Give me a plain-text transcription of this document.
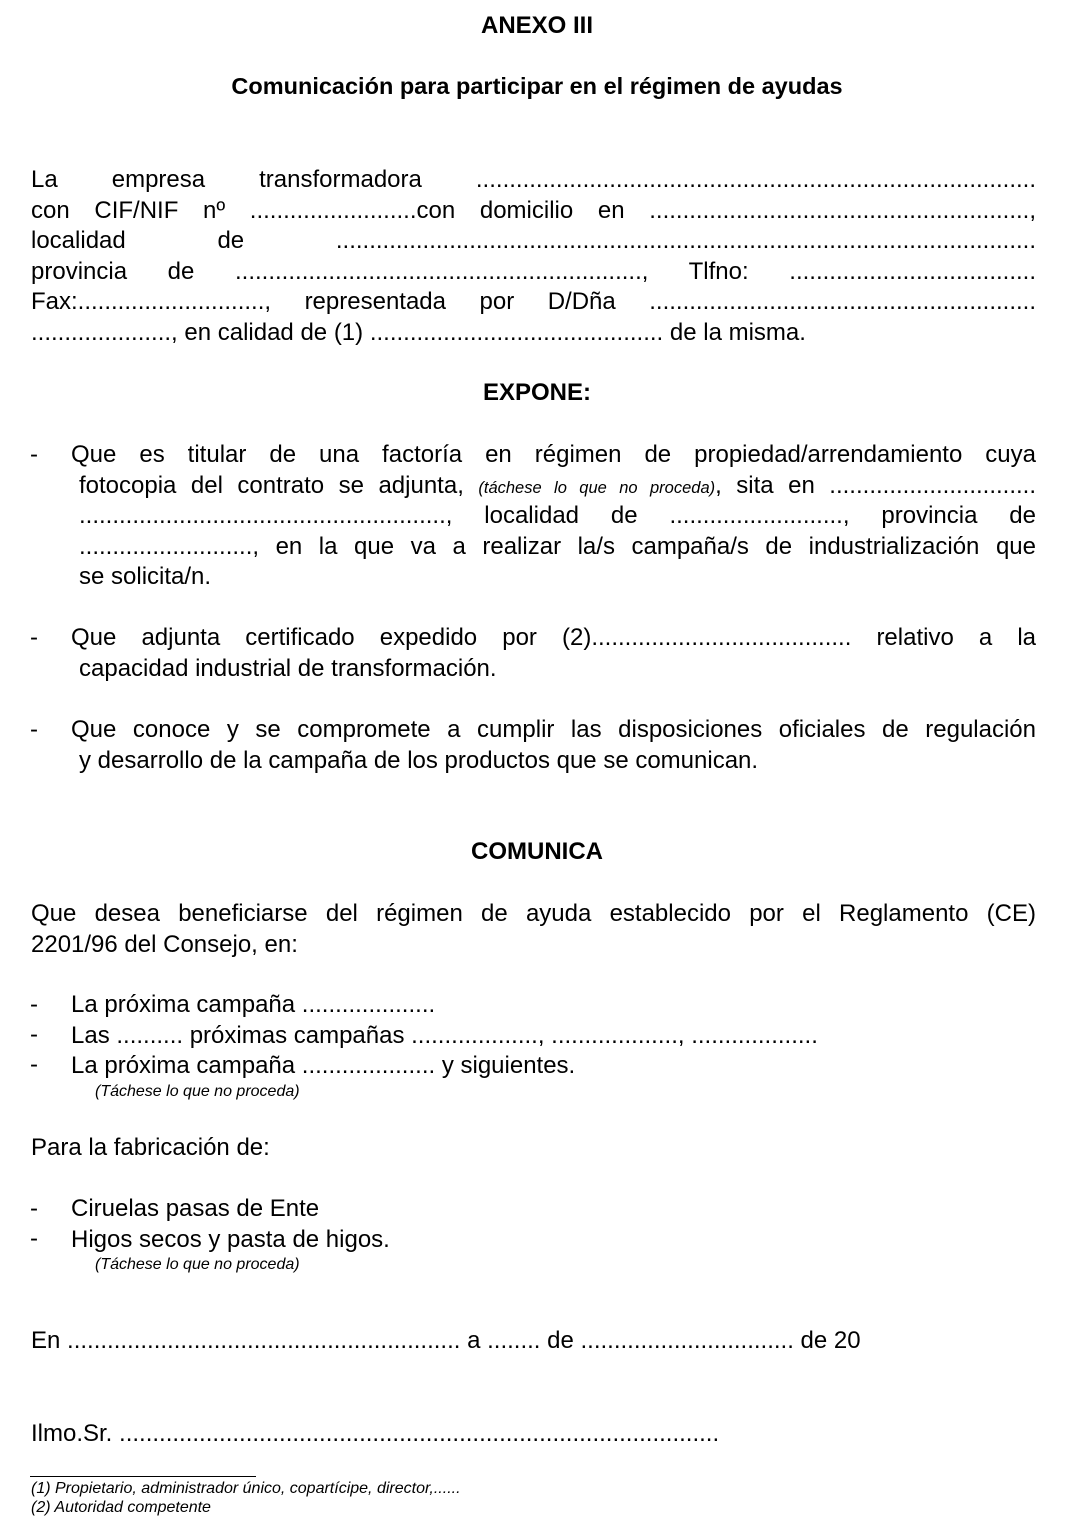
ANEXO III
Comunicación para participar en el régimen de ayudas
La empresa transformadora ....................................................................................
con CIF/NIF nº .........................con domicilio en .........................................................,
localidad de .........................................................................................................
provincia de ............................................................., Tlfno: .....................................
Fax:............................, representada por D/Dña ..........................................................
....................., en calidad de (1) ............................................ de la misma.
EXPONE:
- Que es titular de una factoría en régimen de propiedad/arrendamiento cuya
fotocopia del contrato se adjunta, (táchese lo que no proceda), sita en ...............................
......................................................., localidad de .........................., provincia de
.........................., en la que va a realizar la/s campaña/s de industrialización que
se solicita/n.
- Que adjunta certificado expedido por (2)....................................... relativo a la
capacidad industrial de transformación.
- Que conoce y se compromete a cumplir las disposiciones oficiales de regulación
y desarrollo de la campaña de los productos que se comunican.
COMUNICA
Que desea beneficiarse del régimen de ayuda establecido por el Reglamento (CE)
2201/96 del Consejo, en:
- La próxima campaña ....................
- Las .......... próximas campañas ..................., ..................., ...................
- La próxima campaña .................... y siguientes.
(Táchese lo que no proceda)
Para la fabricación de:
- Ciruelas pasas de Ente
- Higos secos y pasta de higos.
(Táchese lo que no proceda)
En ........................................................... a ........ de ................................ de 20
Ilmo.Sr. ..........................................................................................
(1) Propietario, administrador único, copartícipe, director,......
(2) Autoridad competente
